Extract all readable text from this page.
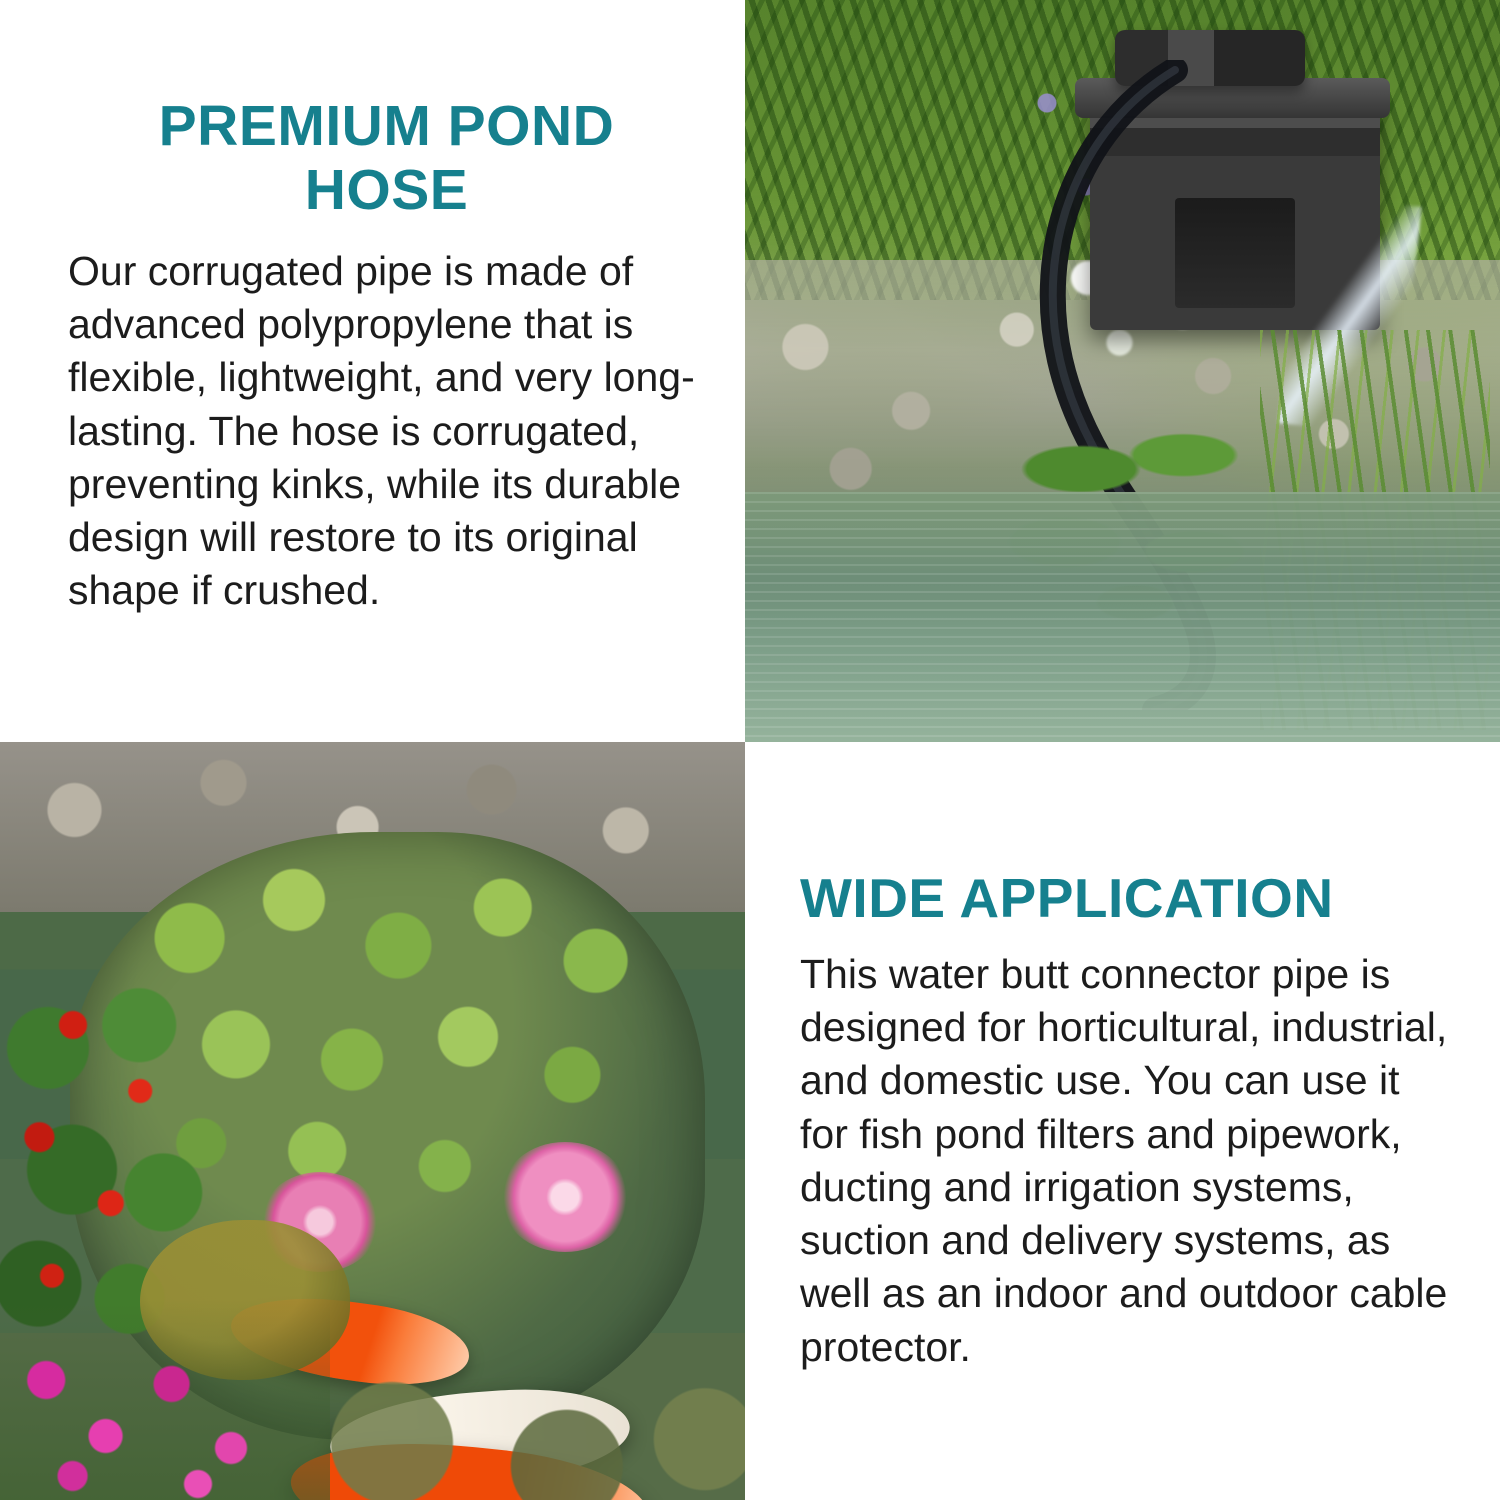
PREMIUM POND HOSE

Our corrugated pipe is made of advanced polypropylene that is flexible, lightweight, and very long-lasting. The hose is corrugated, preventing kinks, while its durable design will restore to its original shape if crushed.

WIDE APPLICATION

This water butt connector pipe is designed for horticultural, industrial, and domestic use. You can use it for fish pond filters and pipework, ducting and irrigation systems, suction and delivery systems, as well as an indoor and outdoor cable protector.
